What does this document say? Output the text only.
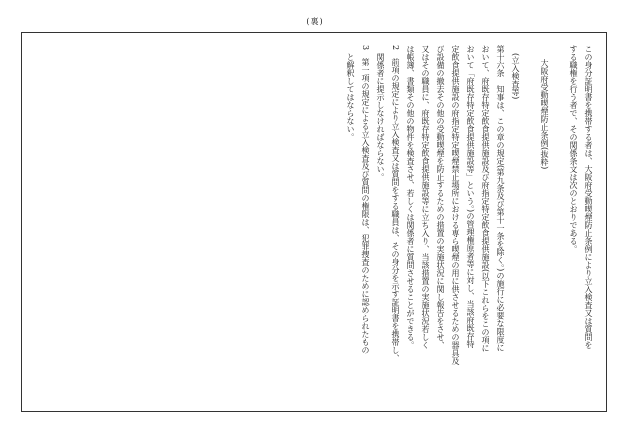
(裏)

この身分証明書を携帯する者は、大阪府受動喫煙防止条例により立入検査又は質問を

する職権を行う者で、その関係条文は次のとおりである。

大阪府受動喫煙防止条例(抜粋)

(立入検査等)

第十六条　知事は、この章の規定(第九条及び第十一条を除く。)の施行に必要な限度に

おいて、府既存特定飲食提供施設及び府指定特定飲食提供施設(以下これらをこの項に

おいて「府既存特定飲食提供施設等」という。)の管理権原者等に対し、当該府既存特

定飲食提供施設の府指定特定喫煙禁止場所における専ら喫煙の用に供させるための器具及

び設備の撤去その他の受動喫煙を防止するための措置の実施状況に関し報告をさせ、

又はその職員に、府既存特定飲食提供施設等に立ち入り、当該措置の実施状況若しく

は帳簿、書類その他の物件を検査させ、若しくは関係者に質問させることができる。

2　前項の規定により立入検査又は質問をする職員は、その身分を示す証明書を携帯し、

関係者に提示しなければならない。

3　第一項の規定による立入検査及び質問の権限は、犯罪捜査のために認められたもの

と解釈してはならない。
